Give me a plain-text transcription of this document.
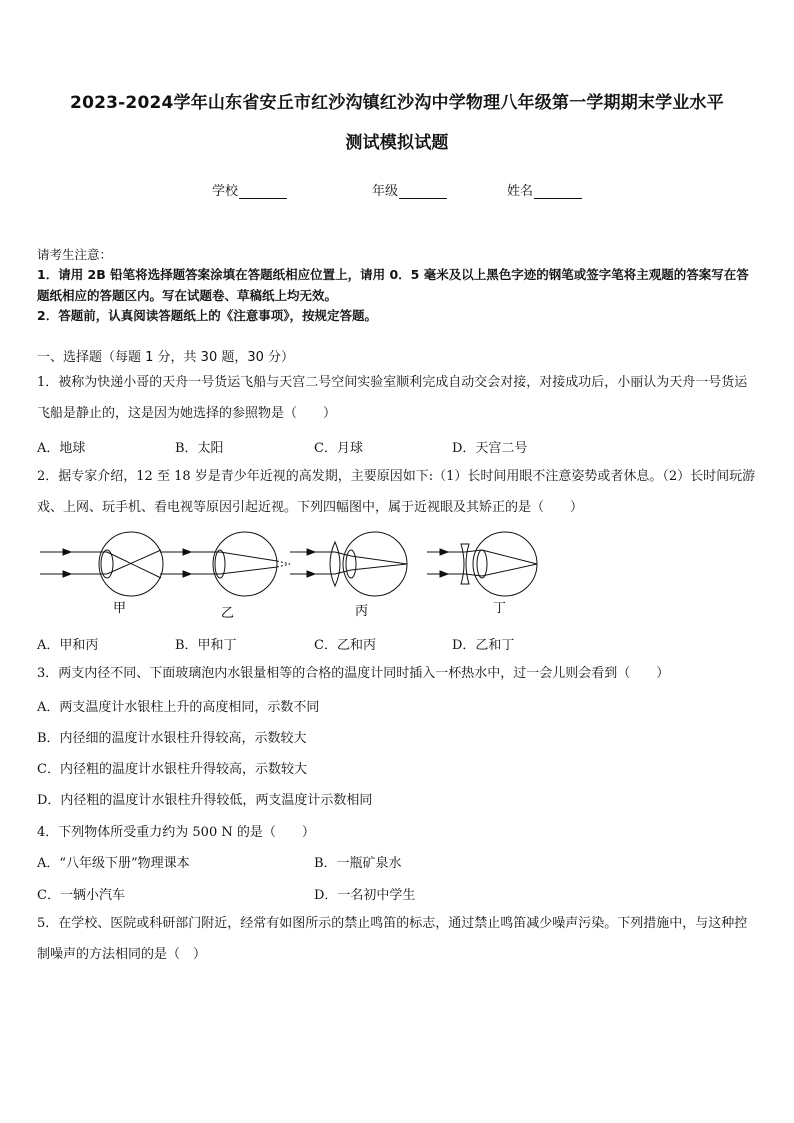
2023-2024学年山东省安丘市红沙沟镇红沙沟中学物理八年级第一学期期末学业水平
测试模拟试题
学校	年级	姓名
请考生注意：
1．请用 2B 铅笔将选择题答案涂填在答题纸相应位置上，请用 0．5 毫米及以上黑色字迹的钢笔或签字笔将主观题的答案写在答题纸相应的答题区内。写在试题卷、草稿纸上均无效。
2．答题前，认真阅读答题纸上的《注意事项》，按规定答题。
一、选择题（每题 1 分，共 30 题，30 分）
1．被称为快递小哥的天舟一号货运飞船与天宫二号空间实验室顺利完成自动交会对接，对接成功后，小丽认为天舟一号货运飞船是静止的，这是因为她选择的参照物是（　　）
A．地球	B．太阳	C．月球	D．天宫二号
2．据专家介绍，12 至 18 岁是青少年近视的高发期，主要原因如下:（1）长时间用眼不注意姿势或者休息。（2）长时间玩游戏、上网、玩手机、看电视等原因引起近视。下列四幅图中，属于近视眼及其矫正的是（　　）
甲	乙	丙	丁
A．甲和丙	B．甲和丁	C．乙和丙	D．乙和丁
3．两支内径不同、下面玻璃泡内水银量相等的合格的温度计同时插入一杯热水中，过一会儿则会看到（　　）
A．两支温度计水银柱上升的高度相同，示数不同
B．内径细的温度计水银柱升得较高，示数较大
C．内径粗的温度计水银柱升得较高，示数较大
D．内径粗的温度计水银柱升得较低，两支温度计示数相同
4．下列物体所受重力约为 500 N 的是（　　）
A．“八年级下册”物理课本	B．一瓶矿泉水
C．一辆小汽车	D．一名初中学生
5．在学校、医院或科研部门附近，经常有如图所示的禁止鸣笛的标志，通过禁止鸣笛减少噪声污染。下列措施中，与这种控制噪声的方法相同的是（　）
